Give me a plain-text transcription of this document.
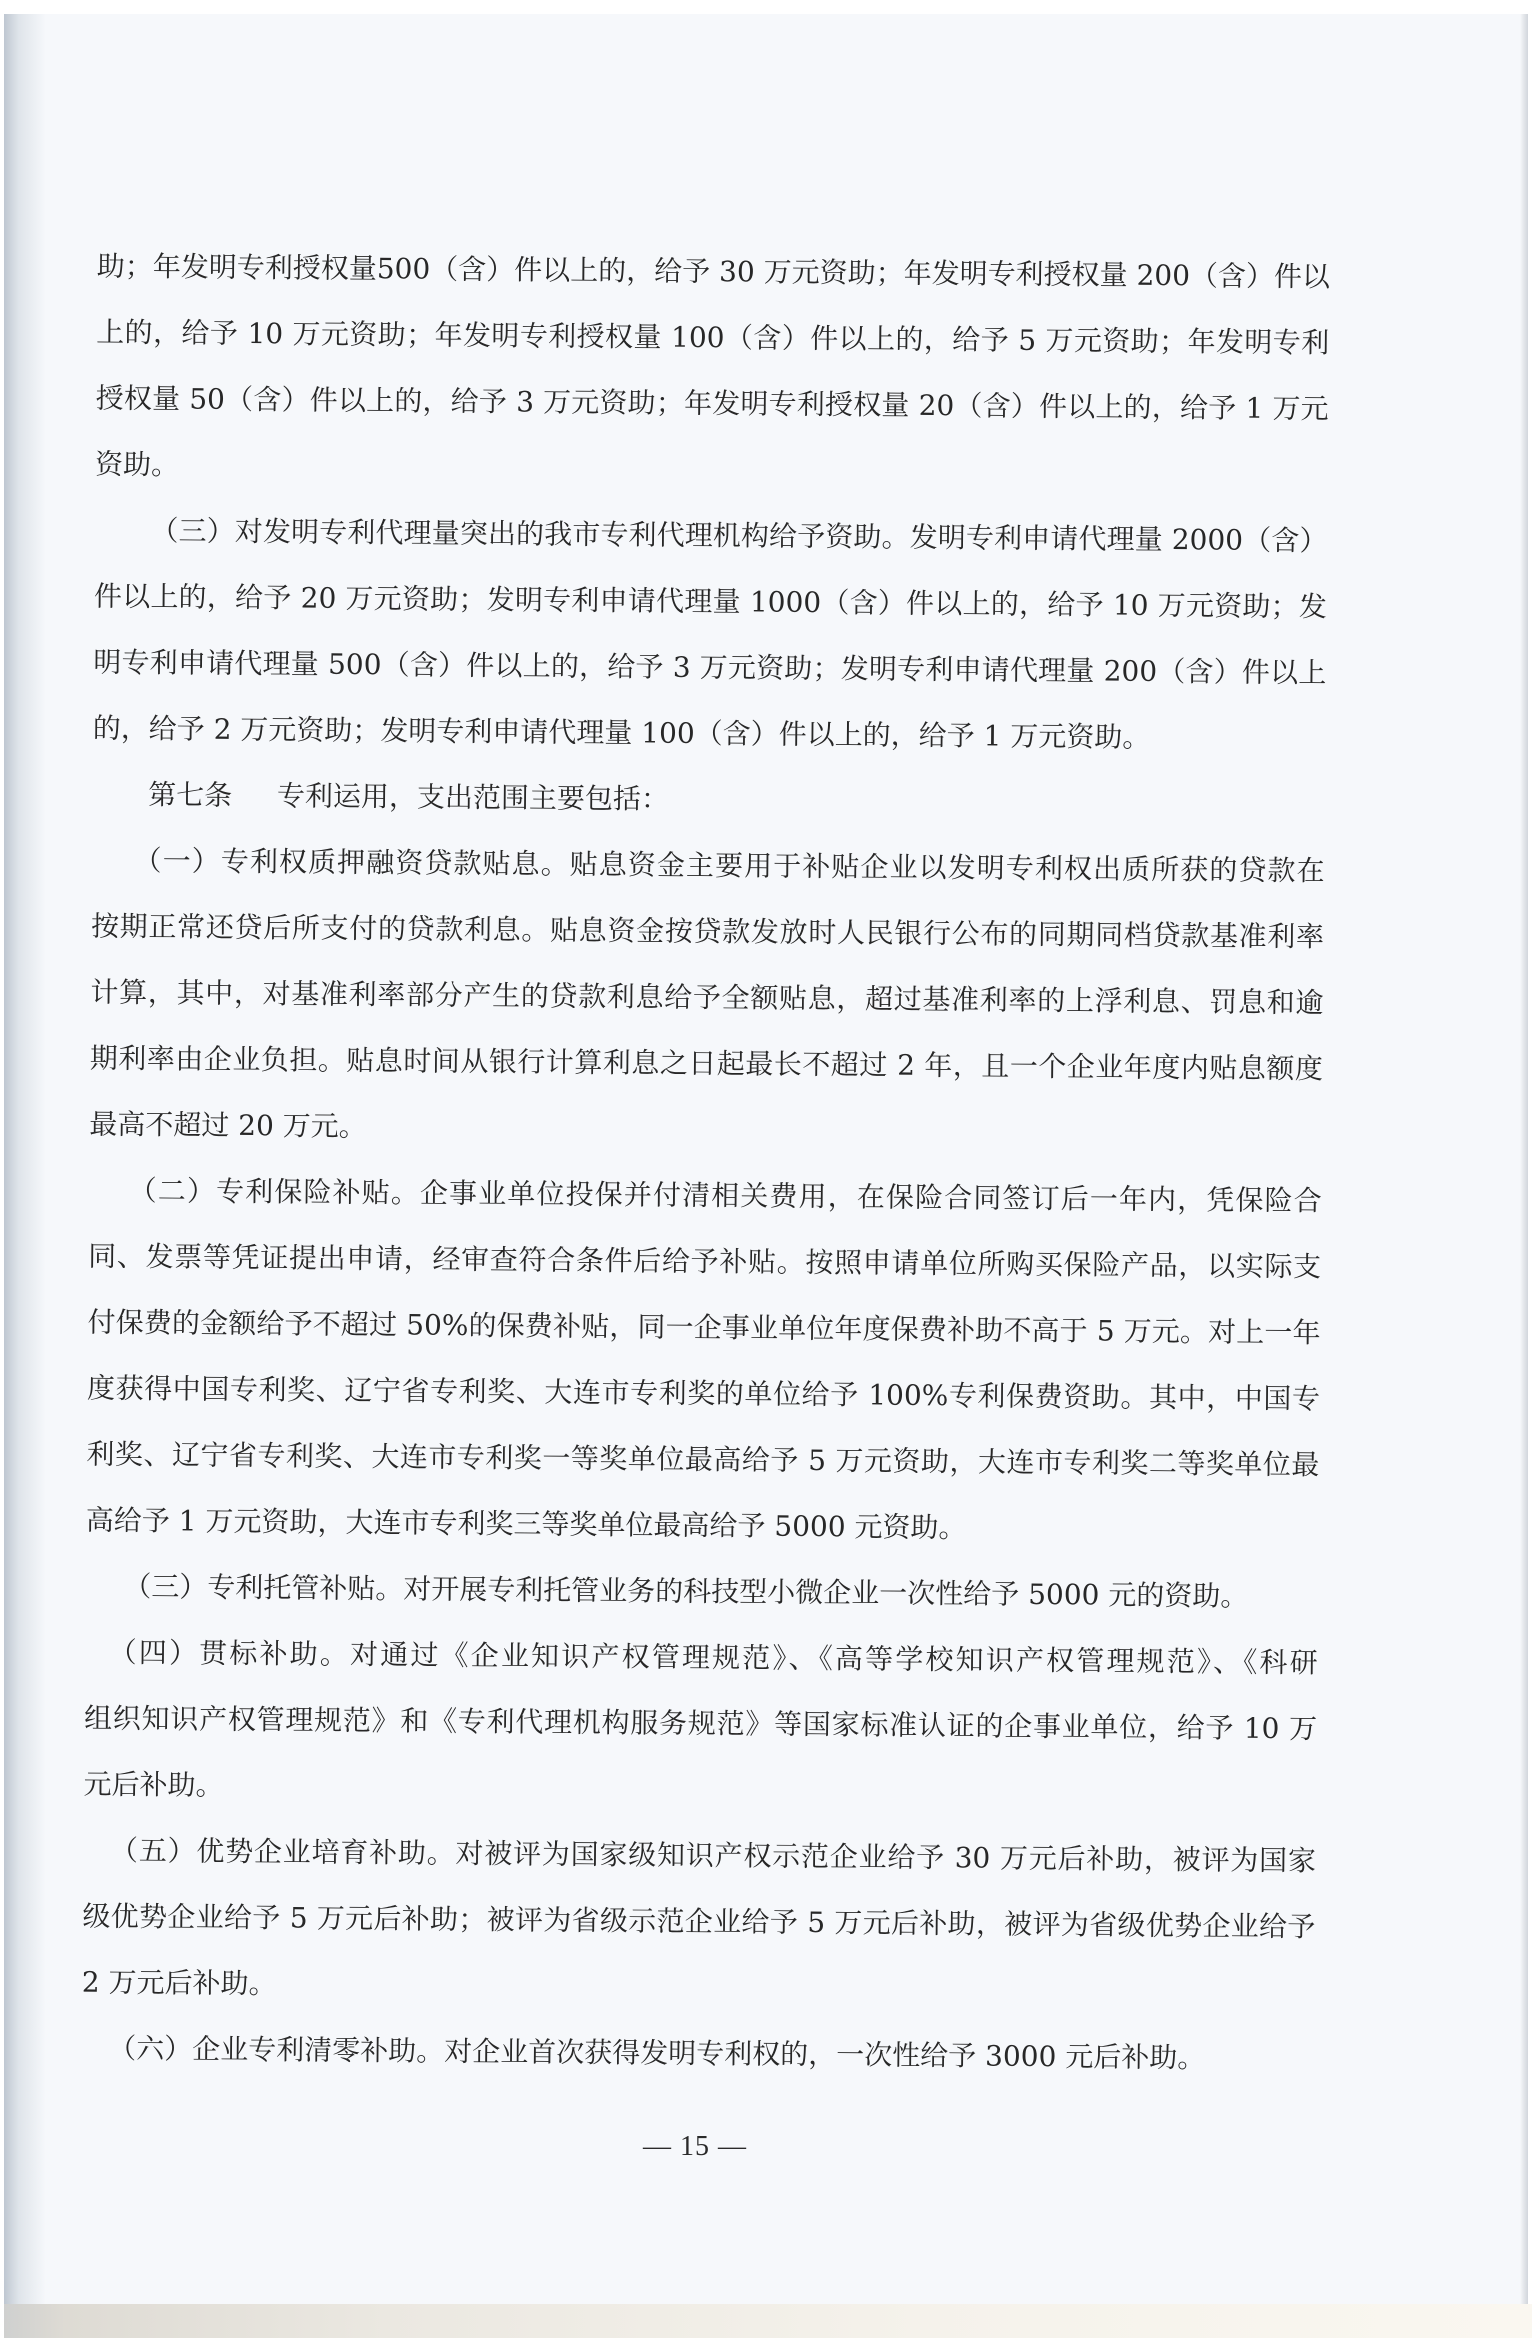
助；年发明专利授权量500（含）件以上的，给予 30 万元资助；年发明专利授权量 200（含）件以
上的，给予 10 万元资助；年发明专利授权量 100（含）件以上的，给予 5 万元资助；年发明专利
授权量 50（含）件以上的，给予 3 万元资助；年发明专利授权量 20（含）件以上的，给予 1 万元
资助。
（三）对发明专利代理量突出的我市专利代理机构给予资助。发明专利申请代理量 2000（含）
件以上的，给予 20 万元资助；发明专利申请代理量 1000（含）件以上的，给予 10 万元资助；发
明专利申请代理量 500（含）件以上的，给予 3 万元资助；发明专利申请代理量 200（含）件以上
的，给予 2 万元资助；发明专利申请代理量 100（含）件以上的，给予 1 万元资助。
第七条 专利运用，支出范围主要包括：
（一）专利权质押融资贷款贴息。贴息资金主要用于补贴企业以发明专利权出质所获的贷款在
按期正常还贷后所支付的贷款利息。贴息资金按贷款发放时人民银行公布的同期同档贷款基准利率
计算，其中，对基准利率部分产生的贷款利息给予全额贴息，超过基准利率的上浮利息、罚息和逾
期利率由企业负担。贴息时间从银行计算利息之日起最长不超过 2 年，且一个企业年度内贴息额度
最高不超过 20 万元。
（二）专利保险补贴。企事业单位投保并付清相关费用，在保险合同签订后一年内，凭保险合
同、发票等凭证提出申请，经审查符合条件后给予补贴。按照申请单位所购买保险产品，以实际支
付保费的金额给予不超过 50%的保费补贴，同一企事业单位年度保费补助不高于 5 万元。对上一年
度获得中国专利奖、辽宁省专利奖、大连市专利奖的单位给予 100%专利保费资助。其中，中国专
利奖、辽宁省专利奖、大连市专利奖一等奖单位最高给予 5 万元资助，大连市专利奖二等奖单位最
高给予 1 万元资助，大连市专利奖三等奖单位最高给予 5000 元资助。
（三）专利托管补贴。对开展专利托管业务的科技型小微企业一次性给予 5000 元的资助。
（四）贯标补助。对通过《企业知识产权管理规范》、《高等学校知识产权管理规范》、《科研
组织知识产权管理规范》和《专利代理机构服务规范》等国家标准认证的企事业单位，给予 10 万
元后补助。
（五）优势企业培育补助。对被评为国家级知识产权示范企业给予 30 万元后补助，被评为国家
级优势企业给予 5 万元后补助；被评为省级示范企业给予 5 万元后补助，被评为省级优势企业给予
2 万元后补助。
（六）企业专利清零补助。对企业首次获得发明专利权的，一次性给予 3000 元后补助。
— 15 —
